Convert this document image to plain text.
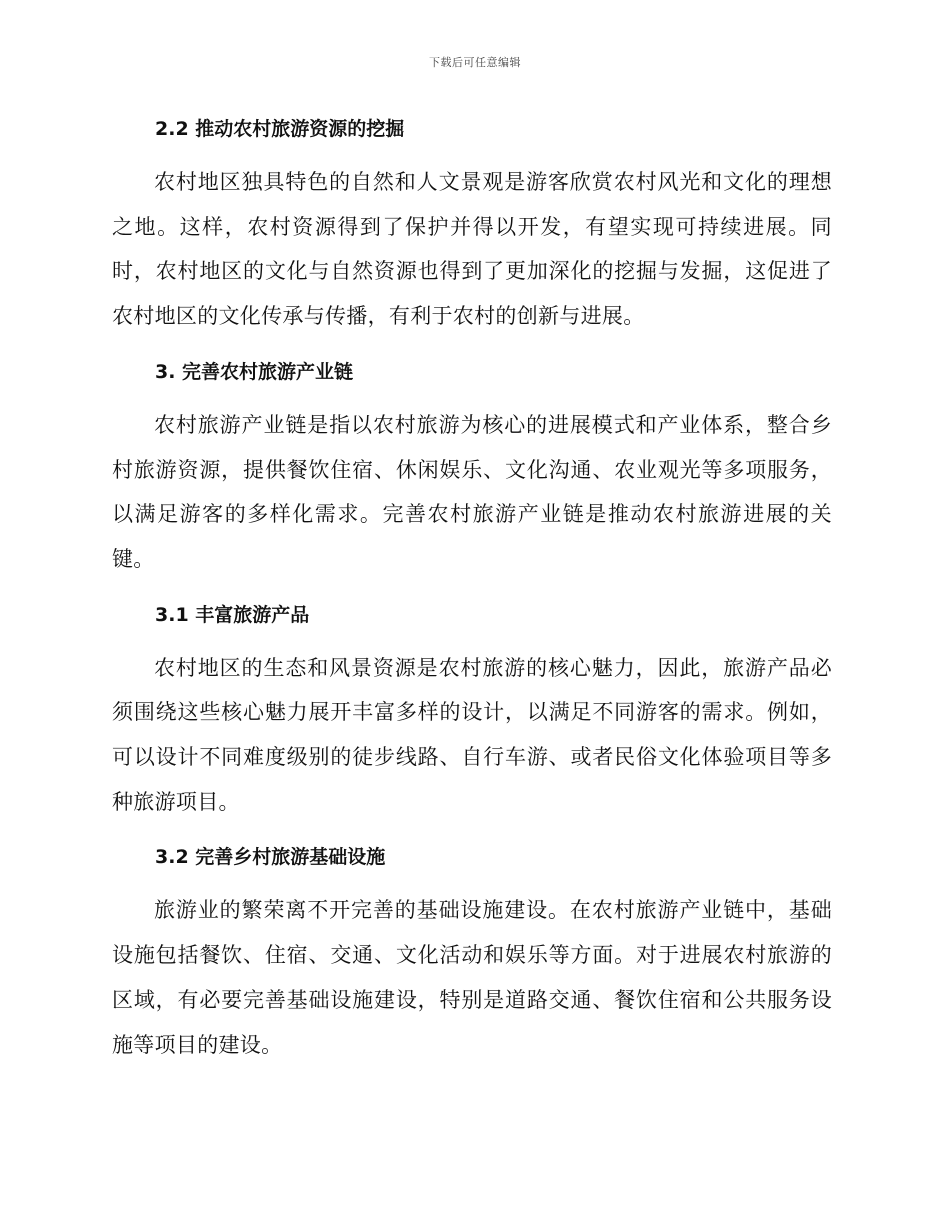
下载后可任意编辑
2.2 推动农村旅游资源的挖掘

农村地区独具特色的自然和人文景观是游客欣赏农村风光和文化的理想之地。这样，农村资源得到了保护并得以开发，有望实现可持续进展。同时，农村地区的文化与自然资源也得到了更加深化的挖掘与发掘，这促进了农村地区的文化传承与传播，有利于农村的创新与进展。

3. 完善农村旅游产业链

农村旅游产业链是指以农村旅游为核心的进展模式和产业体系，整合乡村旅游资源，提供餐饮住宿、休闲娱乐、文化沟通、农业观光等多项服务，以满足游客的多样化需求。完善农村旅游产业链是推动农村旅游进展的关键。

3.1 丰富旅游产品

农村地区的生态和风景资源是农村旅游的核心魅力，因此，旅游产品必须围绕这些核心魅力展开丰富多样的设计，以满足不同游客的需求。例如，可以设计不同难度级别的徒步线路、自行车游、或者民俗文化体验项目等多种旅游项目。

3.2 完善乡村旅游基础设施

旅游业的繁荣离不开完善的基础设施建设。在农村旅游产业链中，基础设施包括餐饮、住宿、交通、文化活动和娱乐等方面。对于进展农村旅游的区域，有必要完善基础设施建设，特别是道路交通、餐饮住宿和公共服务设施等项目的建设。
